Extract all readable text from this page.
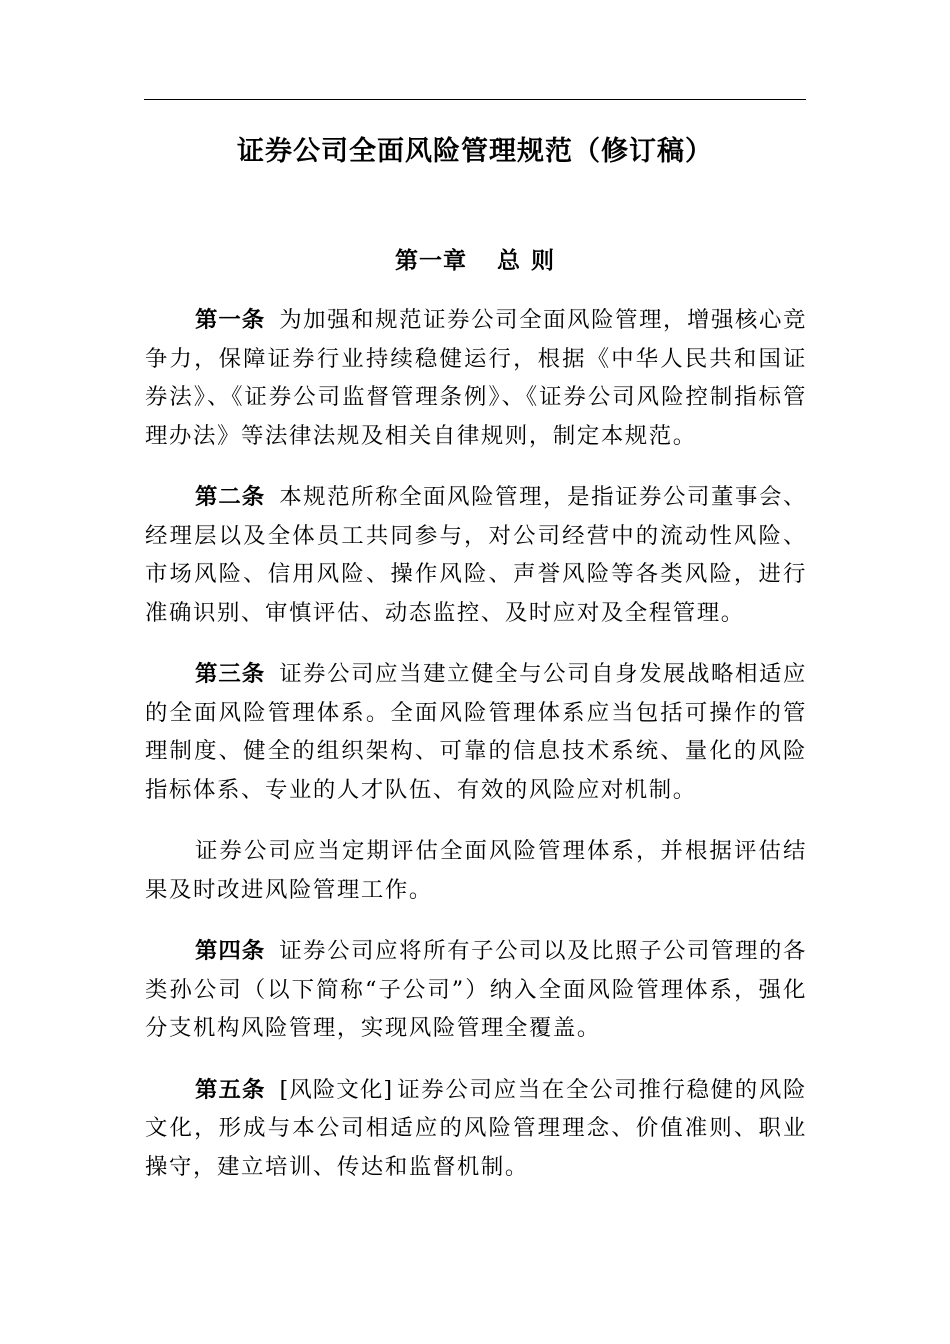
证券公司全面风险管理规范（修订稿）
第一章 总 则

第一条 为加强和规范证券公司全面风险管理，增强核心竞争力，保障证券行业持续稳健运行，根据《中华人民共和国证券法》、《证券公司监督管理条例》、《证券公司风险控制指标管理办法》等法律法规及相关自律规则，制定本规范。

第二条 本规范所称全面风险管理，是指证券公司董事会、经理层以及全体员工共同参与，对公司经营中的流动性风险、市场风险、信用风险、操作风险、声誉风险等各类风险，进行准确识别、审慎评估、动态监控、及时应对及全程管理。

第三条 证券公司应当建立健全与公司自身发展战略相适应的全面风险管理体系。全面风险管理体系应当包括可操作的管理制度、健全的组织架构、可靠的信息技术系统、量化的风险指标体系、专业的人才队伍、有效的风险应对机制。

证券公司应当定期评估全面风险管理体系，并根据评估结果及时改进风险管理工作。

第四条 证券公司应将所有子公司以及比照子公司管理的各类孙公司（以下简称“子公司”）纳入全面风险管理体系，强化分支机构风险管理，实现风险管理全覆盖。

第五条 [风险文化] 证券公司应当在全公司推行稳健的风险文化，形成与本公司相适应的风险管理理念、价值准则、职业操守，建立培训、传达和监督机制。
